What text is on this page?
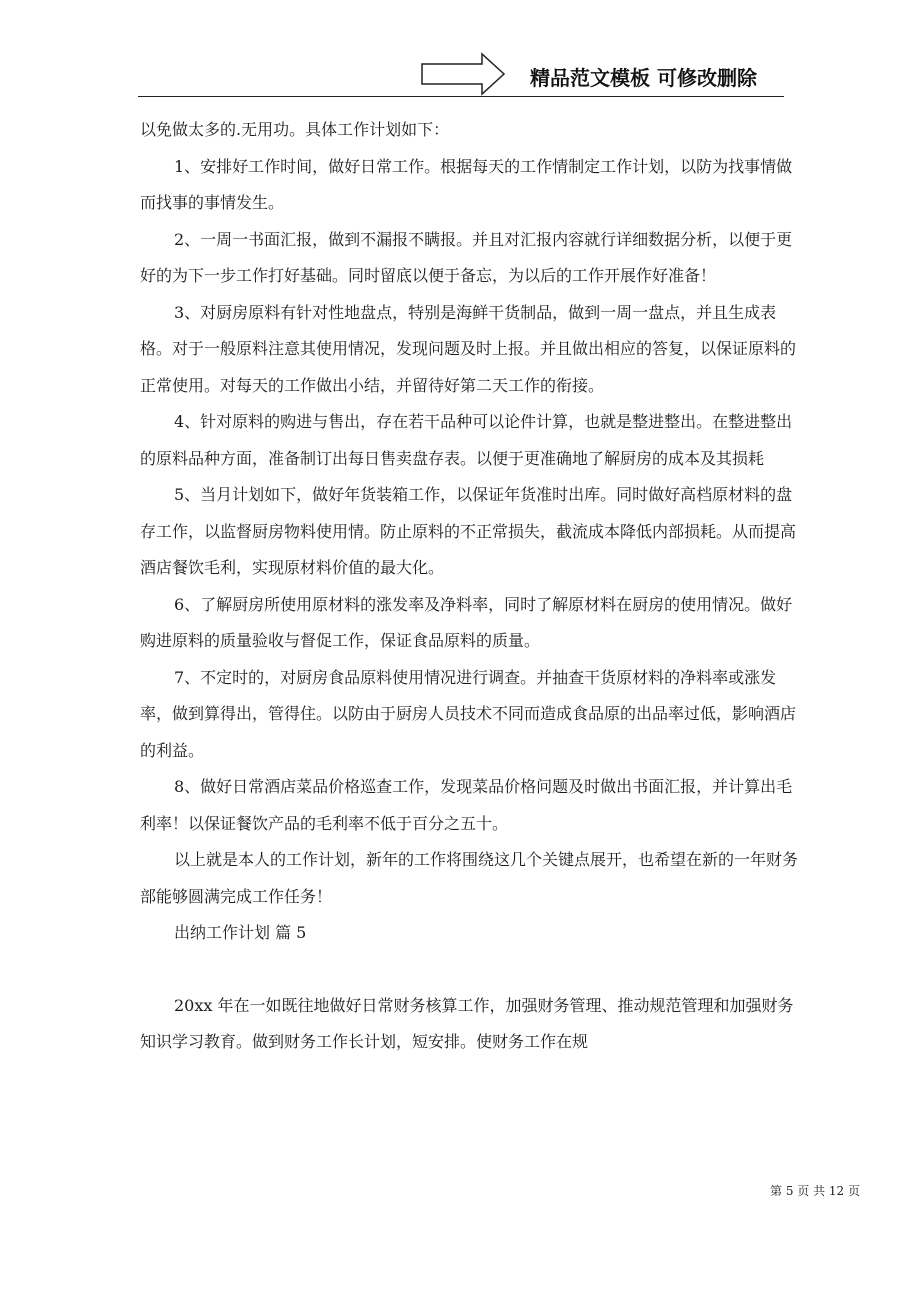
精品范文模板 可修改删除

以免做太多的.无用功。具体工作计划如下：

1、安排好工作时间，做好日常工作。根据每天的工作情制定工作计划，以防为找事情做而找事的事情发生。

2、一周一书面汇报，做到不漏报不瞒报。并且对汇报内容就行详细数据分析，以便于更好的为下一步工作打好基础。同时留底以便于备忘，为以后的工作开展作好准备！

3、对厨房原料有针对性地盘点，特别是海鲜干货制品，做到一周一盘点，并且生成表格。对于一般原料注意其使用情况，发现问题及时上报。并且做出相应的答复，以保证原料的正常使用。对每天的工作做出小结，并留待好第二天工作的衔接。

4、针对原料的购进与售出，存在若干品种可以论件计算，也就是整进整出。在整进整出的原料品种方面，准备制订出每日售卖盘存表。以便于更准确地了解厨房的成本及其损耗

5、当月计划如下，做好年货装箱工作，以保证年货准时出库。同时做好高档原材料的盘存工作，以监督厨房物料使用情。防止原料的不正常损失，截流成本降低内部损耗。从而提高酒店餐饮毛利，实现原材料价值的最大化。

6、了解厨房所使用原材料的涨发率及净料率，同时了解原材料在厨房的使用情况。做好购进原料的质量验收与督促工作，保证食品原料的质量。

7、不定时的，对厨房食品原料使用情况进行调查。并抽查干货原材料的净料率或涨发率，做到算得出，管得住。以防由于厨房人员技术不同而造成食品原的出品率过低，影响酒店的利益。

8、做好日常酒店菜品价格巡查工作，发现菜品价格问题及时做出书面汇报，并计算出毛利率！以保证餐饮产品的毛利率不低于百分之五十。

以上就是本人的工作计划，新年的工作将围绕这几个关键点展开，也希望在新的一年财务部能够圆满完成工作任务！

出纳工作计划 篇 5

20xx 年在一如既往地做好日常财务核算工作，加强财务管理、推动规范管理和加强财务知识学习教育。做到财务工作长计划，短安排。使财务工作在规

第 5 页 共 12 页
